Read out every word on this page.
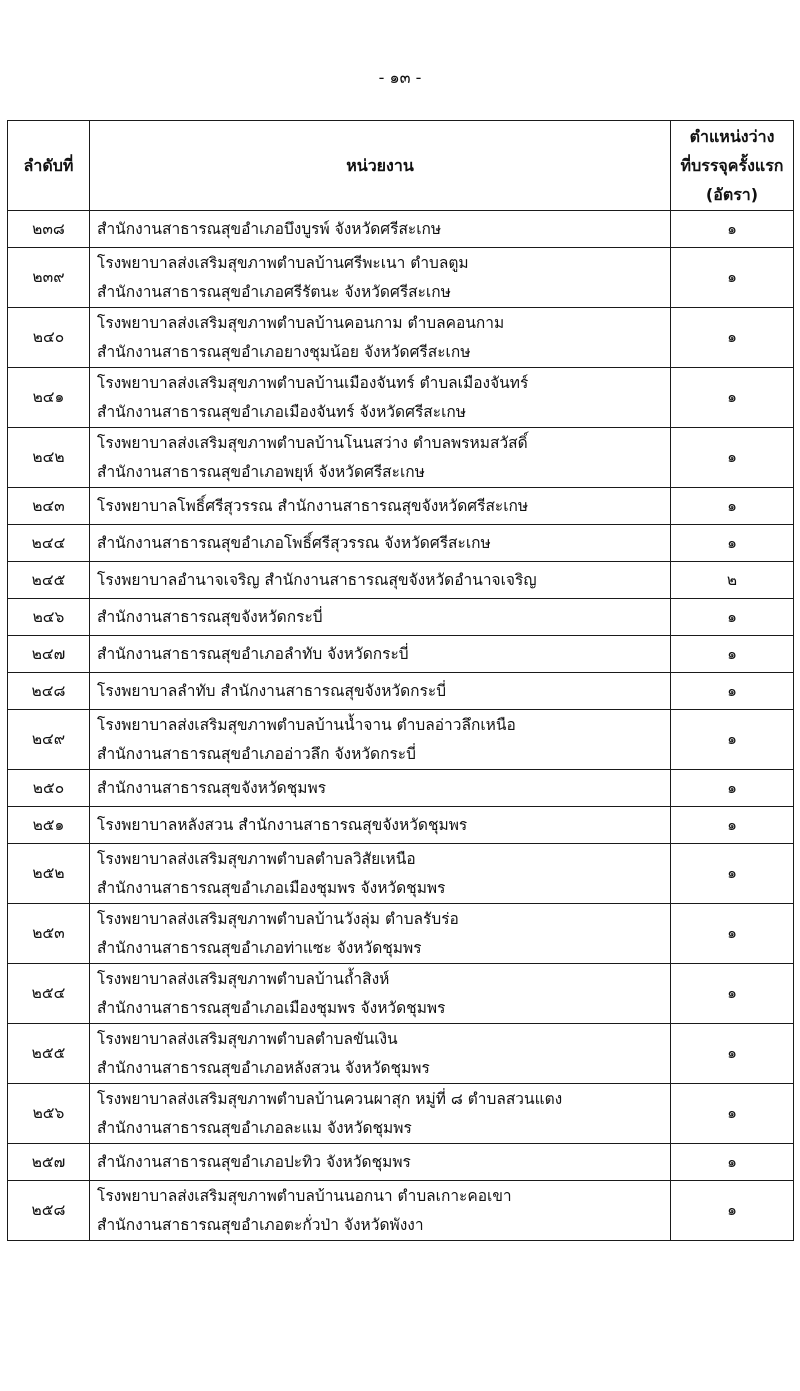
- ๑๓ -
ลำดับที่	หน่วยงาน	ตำแหน่งว่าง
ที่บรรจุครั้งแรก
(อัตรา)

๒๓๘	สำนักงานสาธารณสุขอำเภอบึงบูรพ์ จังหวัดศรีสะเกษ	๑
๒๓๙	โรงพยาบาลส่งเสริมสุขภาพตำบลบ้านศรีพะเนา ตำบลตูม
สำนักงานสาธารณสุขอำเภอศรีรัตนะ จังหวัดศรีสะเกษ	๑
๒๔๐	โรงพยาบาลส่งเสริมสุขภาพตำบลบ้านคอนกาม ตำบลคอนกาม
สำนักงานสาธารณสุขอำเภอยางชุมน้อย จังหวัดศรีสะเกษ	๑
๒๔๑	โรงพยาบาลส่งเสริมสุขภาพตำบลบ้านเมืองจันทร์ ตำบลเมืองจันทร์
สำนักงานสาธารณสุขอำเภอเมืองจันทร์ จังหวัดศรีสะเกษ	๑
๒๔๒	โรงพยาบาลส่งเสริมสุขภาพตำบลบ้านโนนสว่าง ตำบลพรหมสวัสดิ์
สำนักงานสาธารณสุขอำเภอพยุห์ จังหวัดศรีสะเกษ	๑
๒๔๓	โรงพยาบาลโพธิ์ศรีสุวรรณ สำนักงานสาธารณสุขจังหวัดศรีสะเกษ	๑
๒๔๔	สำนักงานสาธารณสุขอำเภอโพธิ์ศรีสุวรรณ จังหวัดศรีสะเกษ	๑
๒๔๕	โรงพยาบาลอำนาจเจริญ สำนักงานสาธารณสุขจังหวัดอำนาจเจริญ	๒
๒๔๖	สำนักงานสาธารณสุขจังหวัดกระบี่	๑
๒๔๗	สำนักงานสาธารณสุขอำเภอลำทับ จังหวัดกระบี่	๑
๒๔๘	โรงพยาบาลลำทับ สำนักงานสาธารณสุขจังหวัดกระบี่	๑
๒๔๙	โรงพยาบาลส่งเสริมสุขภาพตำบลบ้านน้ำจาน ตำบลอ่าวลึกเหนือ
สำนักงานสาธารณสุขอำเภออ่าวลึก จังหวัดกระบี่	๑
๒๕๐	สำนักงานสาธารณสุขจังหวัดชุมพร	๑
๒๕๑	โรงพยาบาลหลังสวน สำนักงานสาธารณสุขจังหวัดชุมพร	๑
๒๕๒	โรงพยาบาลส่งเสริมสุขภาพตำบลตำบลวิสัยเหนือ
สำนักงานสาธารณสุขอำเภอเมืองชุมพร จังหวัดชุมพร	๑
๒๕๓	โรงพยาบาลส่งเสริมสุขภาพตำบลบ้านวังลุ่ม ตำบลรับร่อ
สำนักงานสาธารณสุขอำเภอท่าแซะ จังหวัดชุมพร	๑
๒๕๔	โรงพยาบาลส่งเสริมสุขภาพตำบลบ้านถ้ำสิงห์
สำนักงานสาธารณสุขอำเภอเมืองชุมพร จังหวัดชุมพร	๑
๒๕๕	โรงพยาบาลส่งเสริมสุขภาพตำบลตำบลขันเงิน
สำนักงานสาธารณสุขอำเภอหลังสวน จังหวัดชุมพร	๑
๒๕๖	โรงพยาบาลส่งเสริมสุขภาพตำบลบ้านควนผาสุก หมู่ที่ ๘ ตำบลสวนแตง
สำนักงานสาธารณสุขอำเภอละแม จังหวัดชุมพร	๑
๒๕๗	สำนักงานสาธารณสุขอำเภอปะทิว จังหวัดชุมพร	๑
๒๕๘	โรงพยาบาลส่งเสริมสุขภาพตำบลบ้านนอกนา ตำบลเกาะคอเขา
สำนักงานสาธารณสุขอำเภอตะกั่วป่า จังหวัดพังงา	๑
